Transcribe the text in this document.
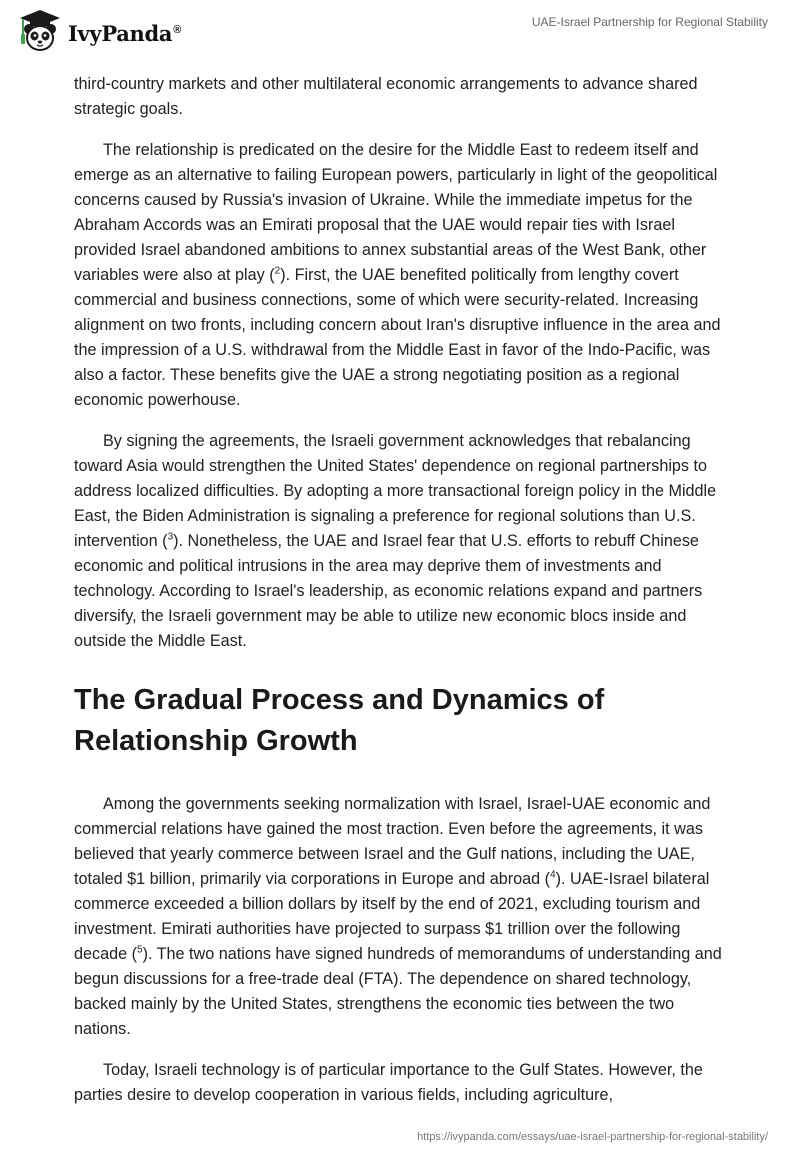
IvyPanda®
UAE-Israel Partnership for Regional Stability

third-country markets and other multilateral economic arrangements to advance shared strategic goals.

The relationship is predicated on the desire for the Middle East to redeem itself and emerge as an alternative to failing European powers, particularly in light of the geopolitical concerns caused by Russia's invasion of Ukraine. While the immediate impetus for the Abraham Accords was an Emirati proposal that the UAE would repair ties with Israel provided Israel abandoned ambitions to annex substantial areas of the West Bank, other variables were also at play ($^2$). First, the UAE benefited politically from lengthy covert commercial and business connections, some of which were security-related. Increasing alignment on two fronts, including concern about Iran's disruptive influence in the area and the impression of a U.S. withdrawal from the Middle East in favor of the Indo-Pacific, was also a factor. These benefits give the UAE a strong negotiating position as a regional economic powerhouse.

By signing the agreements, the Israeli government acknowledges that rebalancing toward Asia would strengthen the United States' dependence on regional partnerships to address localized difficulties. By adopting a more transactional foreign policy in the Middle East, the Biden Administration is signaling a preference for regional solutions than U.S. intervention ($^3$). Nonetheless, the UAE and Israel fear that U.S. efforts to rebuff Chinese economic and political intrusions in the area may deprive them of investments and technology. According to Israel's leadership, as economic relations expand and partners diversify, the Israeli government may be able to utilize new economic blocs inside and outside the Middle East.

The Gradual Process and Dynamics of Relationship Growth

Among the governments seeking normalization with Israel, Israel-UAE economic and commercial relations have gained the most traction. Even before the agreements, it was believed that yearly commerce between Israel and the Gulf nations, including the UAE, totaled $1 billion, primarily via corporations in Europe and abroad ($^4$). UAE-Israel bilateral commerce exceeded a billion dollars by itself by the end of 2021, excluding tourism and investment. Emirati authorities have projected to surpass $1 trillion over the following decade ($^5$). The two nations have signed hundreds of memorandums of understanding and begun discussions for a free-trade deal (FTA). The dependence on shared technology, backed mainly by the United States, strengthens the economic ties between the two nations.

Today, Israeli technology is of particular importance to the Gulf States. However, the parties desire to develop cooperation in various fields, including agriculture,

https://ivypanda.com/essays/uae-israel-partnership-for-regional-stability/
